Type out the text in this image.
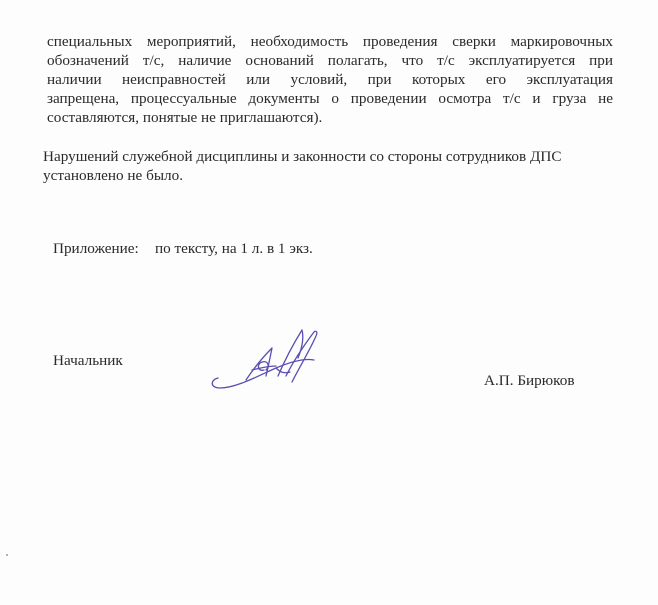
специальных мероприятий, необходимость проведения сверки маркировочных
обозначений т/с, наличие оснований полагать, что т/с эксплуатируется при
наличии неисправностей или условий, при которых его эксплуатация
запрещена, процессуальные документы о проведении осмотра т/с и груза не
составляются, понятые не приглашаются).
Нарушений служебной дисциплины и законности со стороны сотрудников ДПС
установлено не было.
Приложение: по тексту, на 1 л. в 1 экз.
Начальник
А.П. Бирюков
